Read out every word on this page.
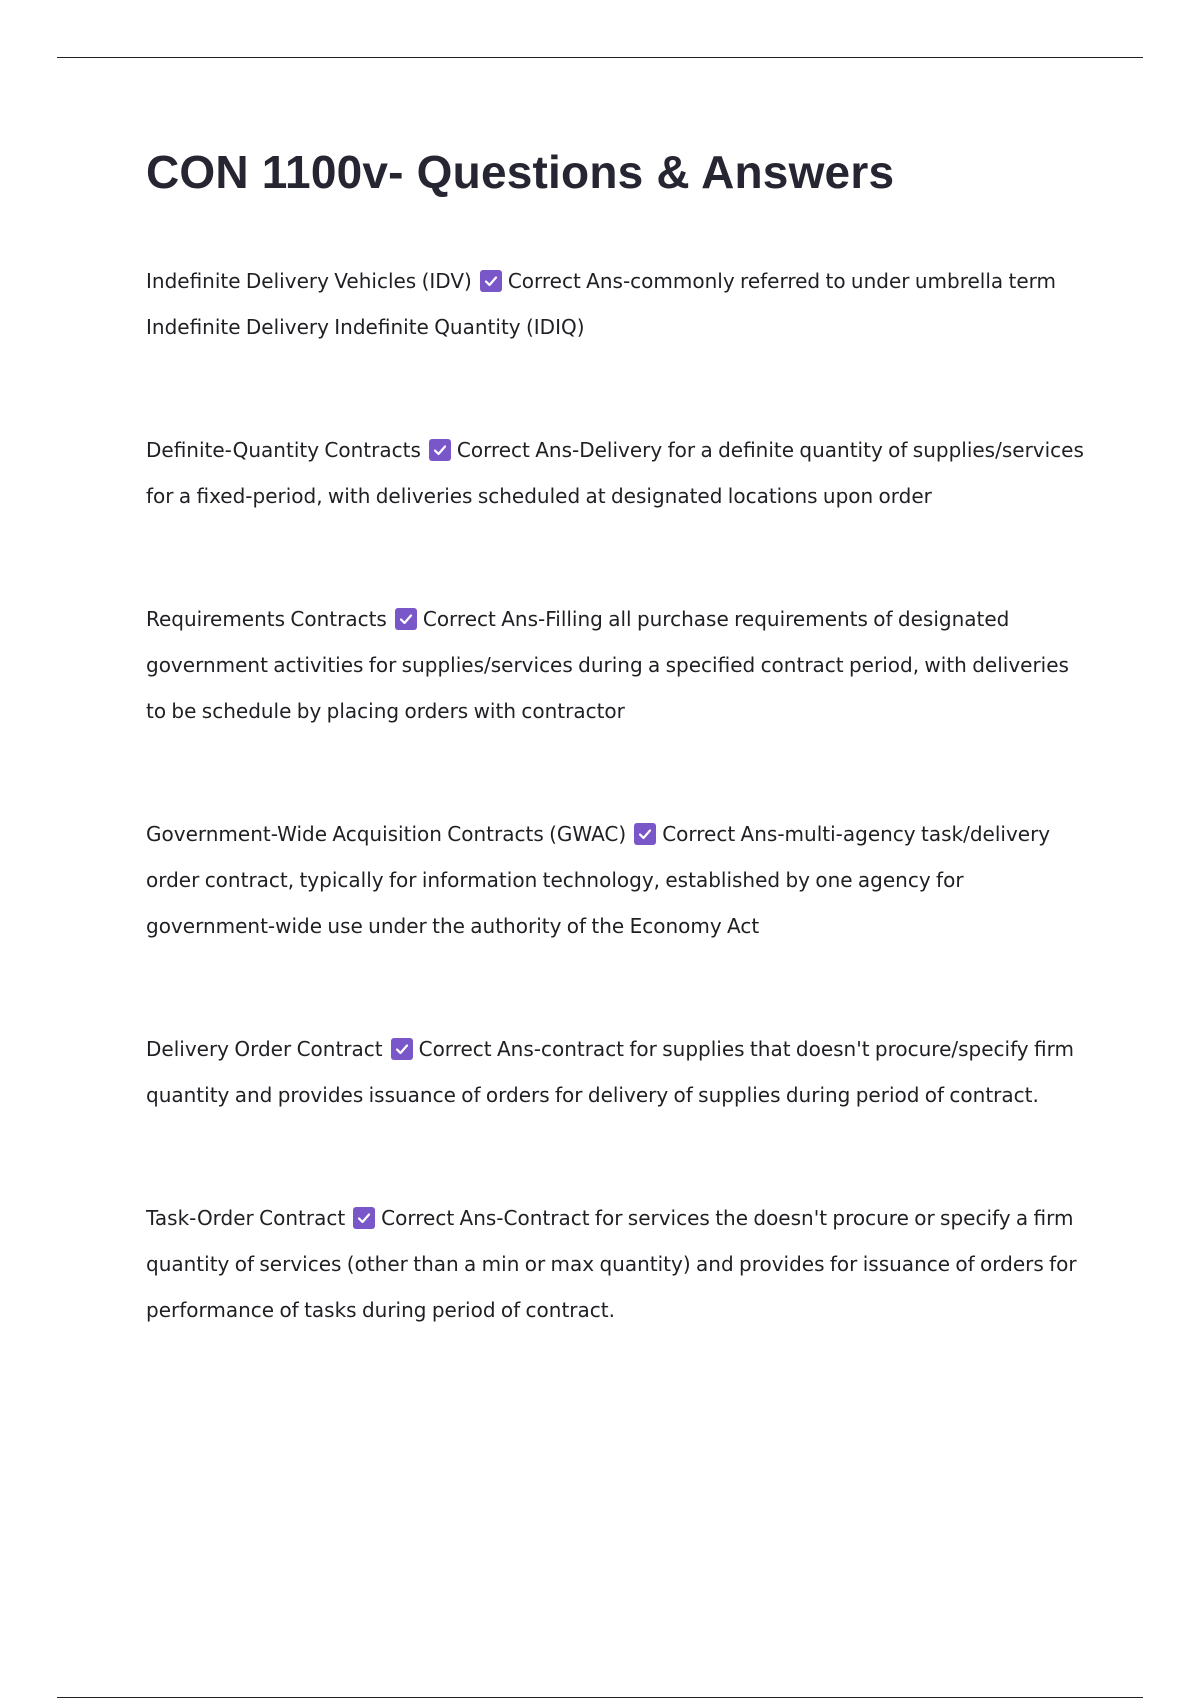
CON 1100v- Questions & Answers

Indefinite Delivery Vehicles (IDV) Correct Ans-commonly referred to under umbrella term Indefinite Delivery Indefinite Quantity (IDIQ)

Definite-Quantity Contracts Correct Ans-Delivery for a definite quantity of supplies/services for a fixed-period, with deliveries scheduled at designated locations upon order

Requirements Contracts Correct Ans-Filling all purchase requirements of designated government activities for supplies/services during a specified contract period, with deliveries to be schedule by placing orders with contractor

Government-Wide Acquisition Contracts (GWAC) Correct Ans-multi-agency task/delivery order contract, typically for information technology, established by one agency for government-wide use under the authority of the Economy Act

Delivery Order Contract Correct Ans-contract for supplies that doesn't procure/specify firm quantity and provides issuance of orders for delivery of supplies during period of contract.

Task-Order Contract Correct Ans-Contract for services the doesn't procure or specify a firm quantity of services (other than a min or max quantity) and provides for issuance of orders for performance of tasks during period of contract.
